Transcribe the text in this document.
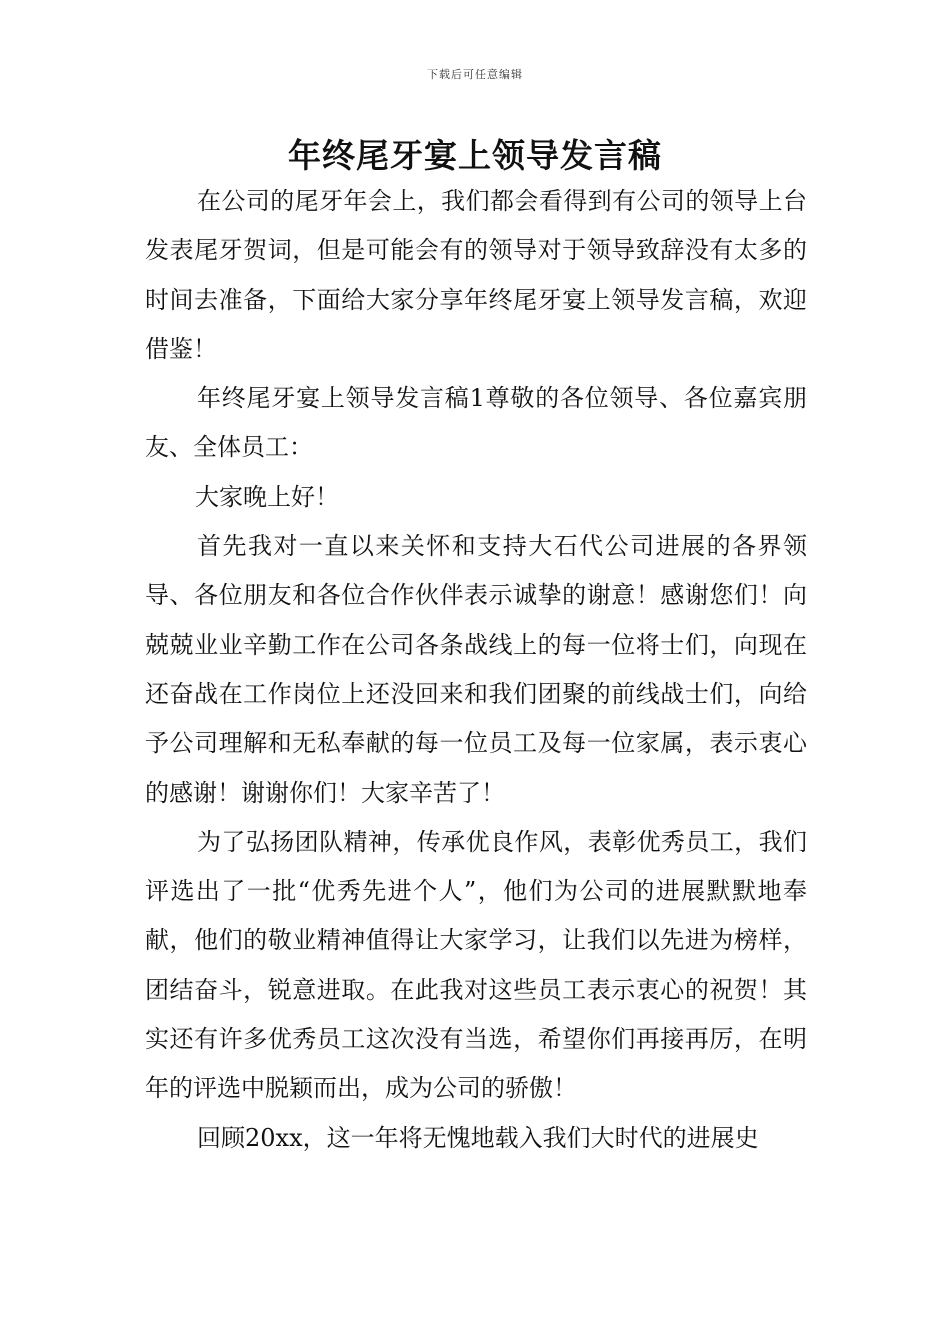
下载后可任意编辑
年终尾牙宴上领导发言稿

在公司的尾牙年会上，我们都会看得到有公司的领导上台发表尾牙贺词，但是可能会有的领导对于领导致辞没有太多的时间去准备，下面给大家分享年终尾牙宴上领导发言稿，欢迎借鉴！

年终尾牙宴上领导发言稿1尊敬的各位领导、各位嘉宾朋友、全体员工：

大家晚上好！

首先我对一直以来关怀和支持大石代公司进展的各界领导、各位朋友和各位合作伙伴表示诚挚的谢意！感谢您们！向兢兢业业辛勤工作在公司各条战线上的每一位将士们，向现在还奋战在工作岗位上还没回来和我们团聚的前线战士们，向给予公司理解和无私奉献的每一位员工及每一位家属，表示衷心的感谢！谢谢你们！大家辛苦了！

为了弘扬团队精神，传承优良作风，表彰优秀员工，我们评选出了一批“优秀先进个人”，他们为公司的进展默默地奉献，他们的敬业精神值得让大家学习，让我们以先进为榜样，团结奋斗，锐意进取。在此我对这些员工表示衷心的祝贺！其实还有许多优秀员工这次没有当选，希望你们再接再厉，在明年的评选中脱颖而出，成为公司的骄傲！

回顾20xx，这一年将无愧地载入我们大时代的进展史
